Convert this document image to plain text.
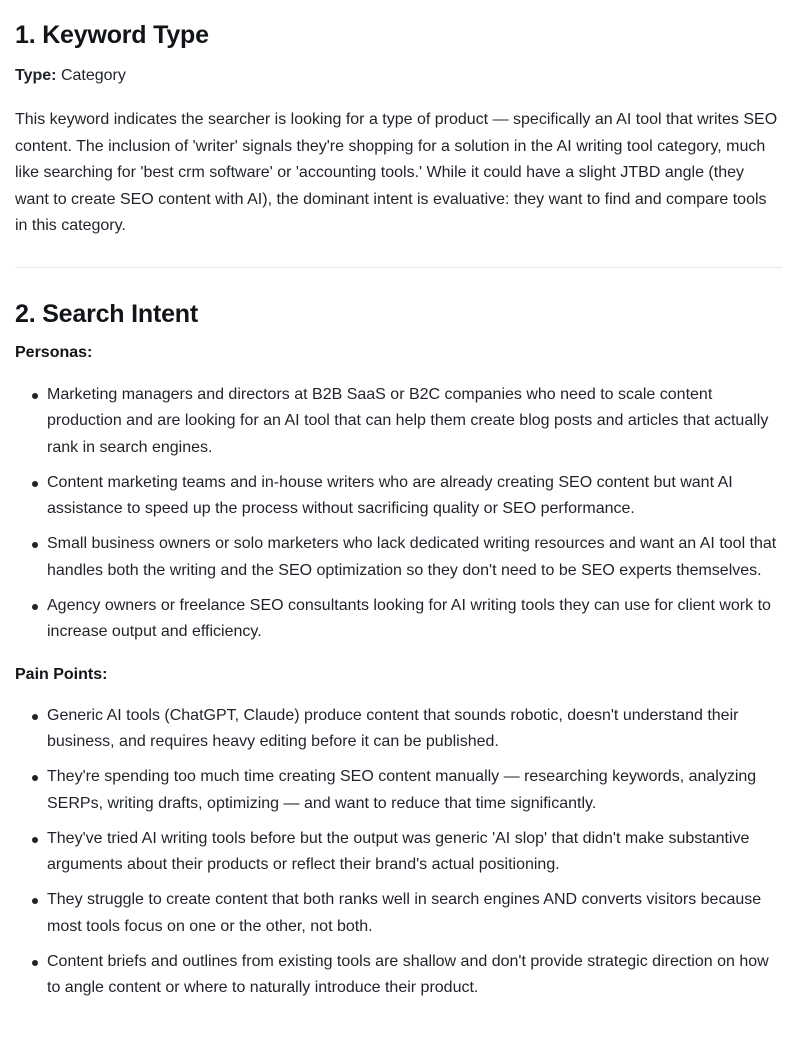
1. Keyword Type

Type: Category

This keyword indicates the searcher is looking for a type of product — specifically an AI tool that writes SEO content. The inclusion of 'writer' signals they're shopping for a solution in the AI writing tool category, much like searching for 'best crm software' or 'accounting tools.' While it could have a slight JTBD angle (they want to create SEO content with AI), the dominant intent is evaluative: they want to find and compare tools in this category.

2. Search Intent

Personas:

Marketing managers and directors at B2B SaaS or B2C companies who need to scale content production and are looking for an AI tool that can help them create blog posts and articles that actually rank in search engines.
Content marketing teams and in-house writers who are already creating SEO content but want AI assistance to speed up the process without sacrificing quality or SEO performance.
Small business owners or solo marketers who lack dedicated writing resources and want an AI tool that handles both the writing and the SEO optimization so they don't need to be SEO experts themselves.
Agency owners or freelance SEO consultants looking for AI writing tools they can use for client work to increase output and efficiency.

Pain Points:

Generic AI tools (ChatGPT, Claude) produce content that sounds robotic, doesn't understand their business, and requires heavy editing before it can be published.
They're spending too much time creating SEO content manually — researching keywords, analyzing SERPs, writing drafts, optimizing — and want to reduce that time significantly.
They've tried AI writing tools before but the output was generic 'AI slop' that didn't make substantive arguments about their products or reflect their brand's actual positioning.
They struggle to create content that both ranks well in search engines AND converts visitors because most tools focus on one or the other, not both.
Content briefs and outlines from existing tools are shallow and don't provide strategic direction on how to angle content or where to naturally introduce their product.
